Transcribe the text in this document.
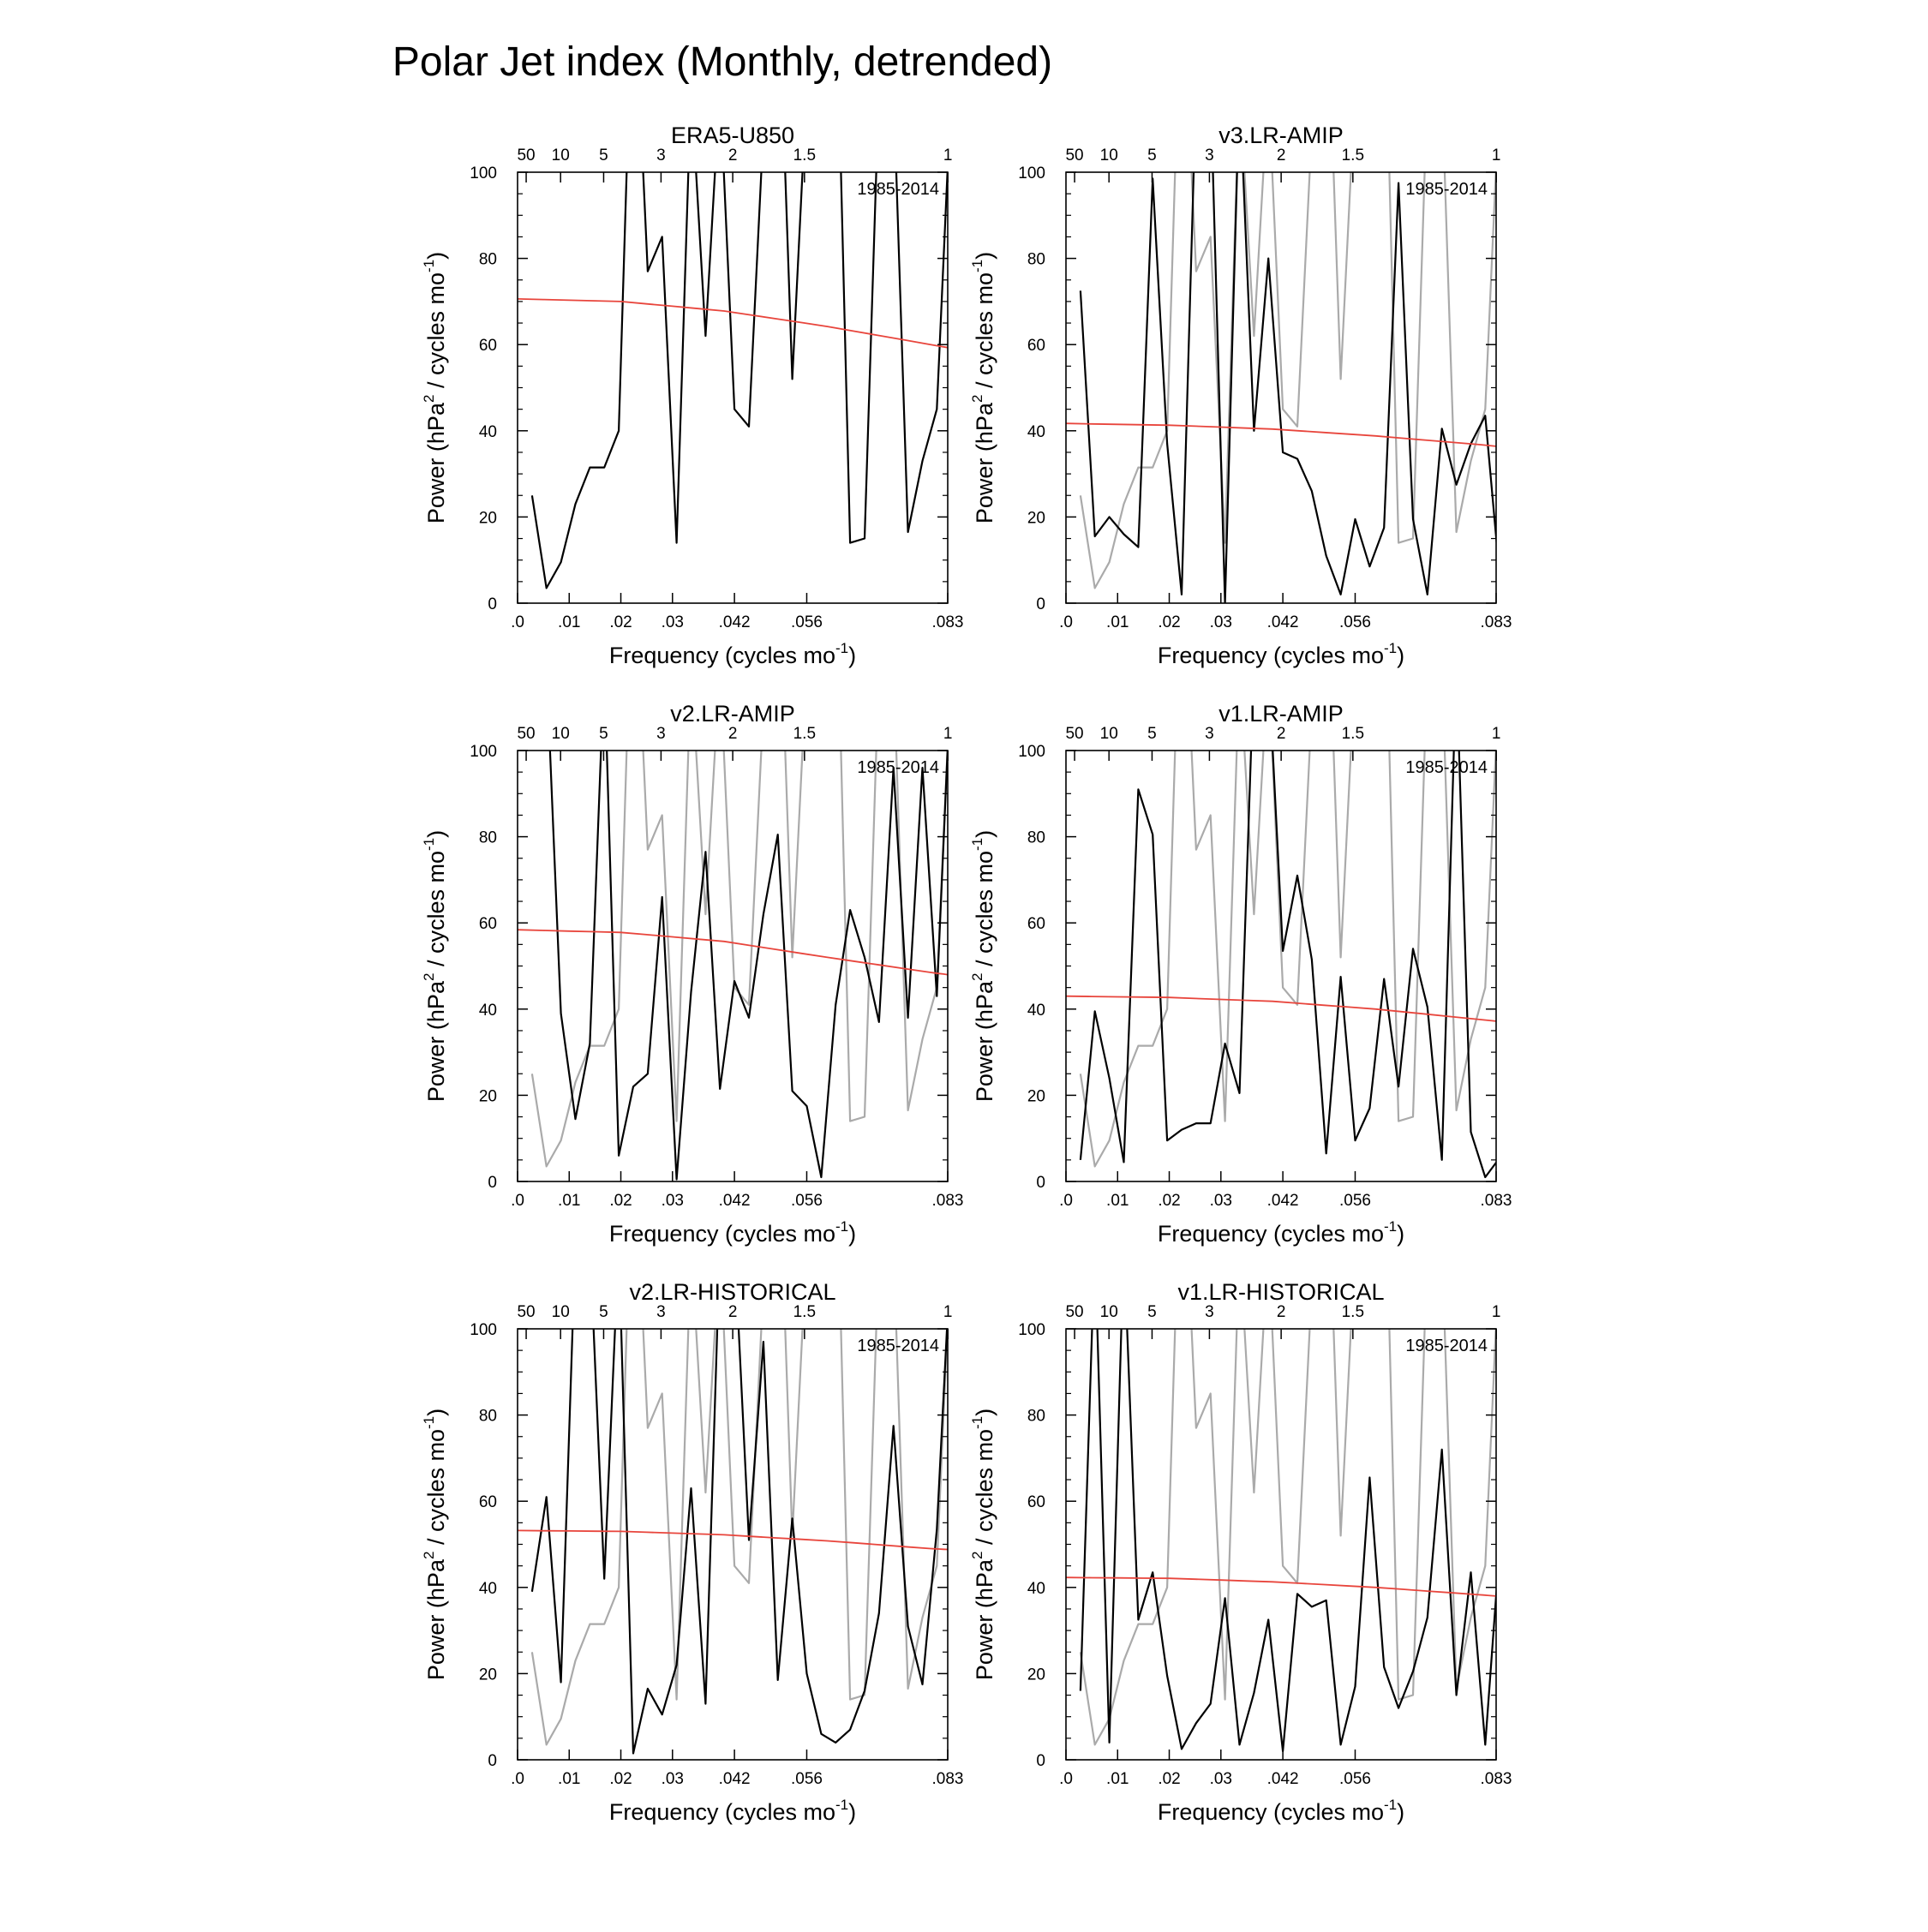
Polar Jet index (Monthly, detrended)
ERA5-U850
0
20
40
60
80
100
.0 .01 .02 .03 .042 .056	.083
50 10 5	3	2	1.5	1
1985-2014
Frequency (cycles $mo^{-1}$)
Power (hPa$^2$ / cycles $mo^{-1}$)
v3.LR-AMIP
0
20
40
60
80
100
.0 .01 .02 .03 .042 .056	.083
50 10 5	3	2	1.5	1
1985-2014
Frequency (cycles $mo^{-1}$)
Power (hPa$^2$ / cycles $mo^{-1}$)
v2.LR-AMIP
0
20
40
60
80
100
.0 .01 .02 .03 .042 .056	.083
50 10 5	3	2	1.5	1
1985-2014
Frequency (cycles $mo^{-1}$)
Power (hPa$^2$ / cycles $mo^{-1}$)
v1.LR-AMIP
0
20
40
60
80
100
.0 .01 .02 .03 .042 .056	.083
50 10 5	3	2	1.5	1
1985-2014
Frequency (cycles $mo^{-1}$)
Power (hPa$^2$ / cycles $mo^{-1}$)
v2.LR-HISTORICAL
0
20
40
60
80
100
.0 .01 .02 .03 .042 .056	.083
50 10 5	3	2	1.5	1
1985-2014
Frequency (cycles $mo^{-1}$)
Power (hPa$^2$ / cycles $mo^{-1}$)
v1.LR-HISTORICAL
0
20
40
60
80
100
.0 .01 .02 .03 .042 .056	.083
50 10 5	3	2	1.5	1
1985-2014
Frequency (cycles $mo^{-1}$)
Power (hPa$^2$ / cycles $mo^{-1}$)
